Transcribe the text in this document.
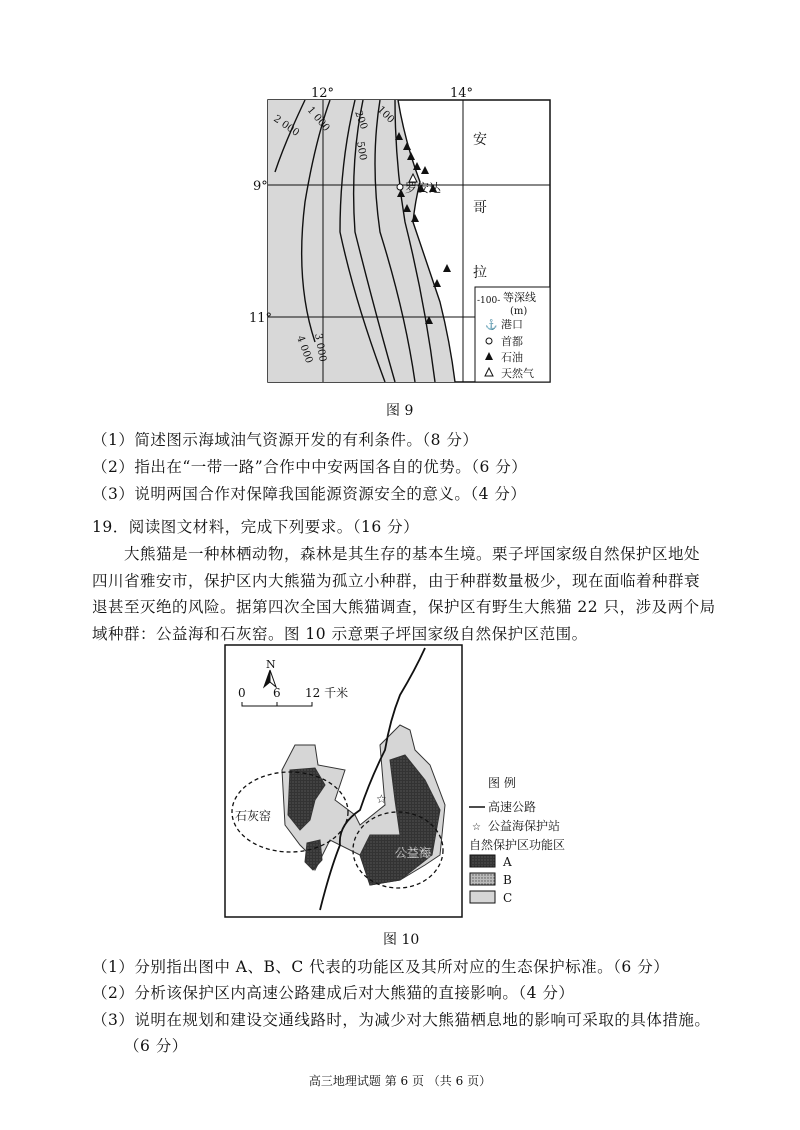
12°	14°
9°
11°
2 000 1 000 200
500
100
4 000
3 000
罗安达
安
哥
拉
-100- 等深线
(m)
⚓ 港口
首都
石油
天然气
图 9
（1）简述图示海域油气资源开发的有利条件。（8 分）
（2）指出在“一带一路”合作中中安两国各自的优势。（6 分）
（3）说明两国合作对保障我国能源资源安全的意义。（4 分）
19．阅读图文材料，完成下列要求。（16 分）
大熊猫是一种林栖动物，森林是其生存的基本生境。栗子坪国家级自然保护区地处
四川省雅安市，保护区内大熊猫为孤立小种群，由于种群数量极少，现在面临着种群衰
退甚至灭绝的风险。据第四次全国大熊猫调查，保护区有野生大熊猫 22 只，涉及两个局
域种群：公益海和石灰窑。图 10 示意栗子坪国家级自然保护区范围。
石灰窑
公益海
☆
N
0 6 12 千米
图 例
高速公路
☆ 公益海保护站
自然保护区功能区
A
B
C
图 10
（1）分别指出图中 A、B、C 代表的功能区及其所对应的生态保护标准。（6 分）
（2）分析该保护区内高速公路建成后对大熊猫的直接影响。（4 分）
（3）说明在规划和建设交通线路时，为减少对大熊猫栖息地的影响可采取的具体措施。
（6 分）
高三地理试题 第 6 页 （共 6 页）
